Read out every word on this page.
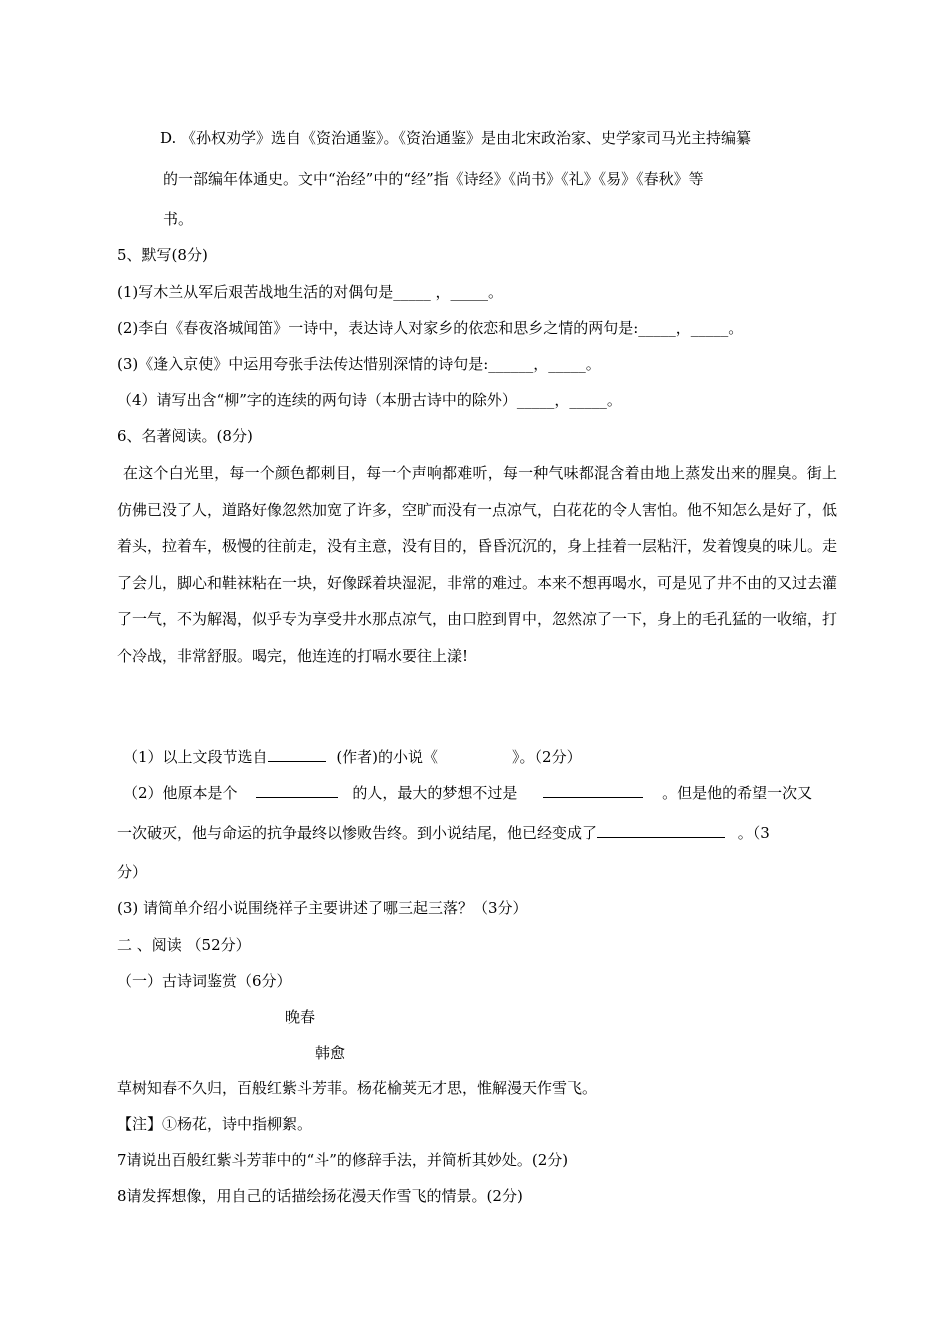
D. 《孙权劝学》选自《资治通鉴》。《资治通鉴》是由北宋政治家、史学家司马光主持编纂
的一部编年体通史。文中“治经”中的“经”指《诗经》《尚书》《礼》《易》《春秋》等
书。
5、默写(8分)
(1)写木兰从军后艰苦战地生活的对偶句是_____ ，_____。
(2)李白《春夜洛城闻笛》一诗中，表达诗人对家乡的依恋和思乡之情的两句是:_____，_____。
(3)《逢入京使》中运用夸张手法传达惜别深情的诗句是:______，_____。
（4）请写出含“柳”字的连续的两句诗（本册古诗中的除外）_____，_____。
6、名著阅读。(8分)
在这个白光里，每一个颜色都刺目，每一个声响都难听，每一种气味都混含着由地上蒸发出来的腥臭。街上仿佛已没了人，道路好像忽然加宽了许多，空旷而没有一点凉气，白花花的令人害怕。他不知怎么是好了，低着头，拉着车，极慢的往前走，没有主意，没有目的，昏昏沉沉的，身上挂着一层粘汗，发着馊臭的味儿。走了会儿，脚心和鞋袜粘在一块，好像踩着块湿泥，非常的难过。本来不想再喝水，可是见了井不由的又过去灌了一气，不为解渴，似乎专为享受井水那点凉气，由口腔到胃中，忽然凉了一下，身上的毛孔猛的一收缩，打个冷战，非常舒服。喝完，他连连的打嗝水要往上漾!
（1）以上文段节选自	(作者)的小说《	》。（2分）
（2）他原本是个	的人，最大的梦想不过是	。但是他的希望一次又
一次破灭，他与命运的抗争最终以惨败告终。到小说结尾，他已经变成了	。（3
分）
(3) 请简单介绍小说围绕祥子主要讲述了哪三起三落？（3分）
二 、阅读 （52分）
（一）古诗词鉴赏（6分）
晚春
韩愈
草树知春不久归，百般红紫斗芳菲。杨花榆荚无才思，惟解漫天作雪飞。
【注】①杨花，诗中指柳絮。
7请说出百般红紫斗芳菲中的“斗”的修辞手法，并简析其妙处。(2分)
8请发挥想像，用自己的话描绘扬花漫天作雪飞的情景。(2分)
